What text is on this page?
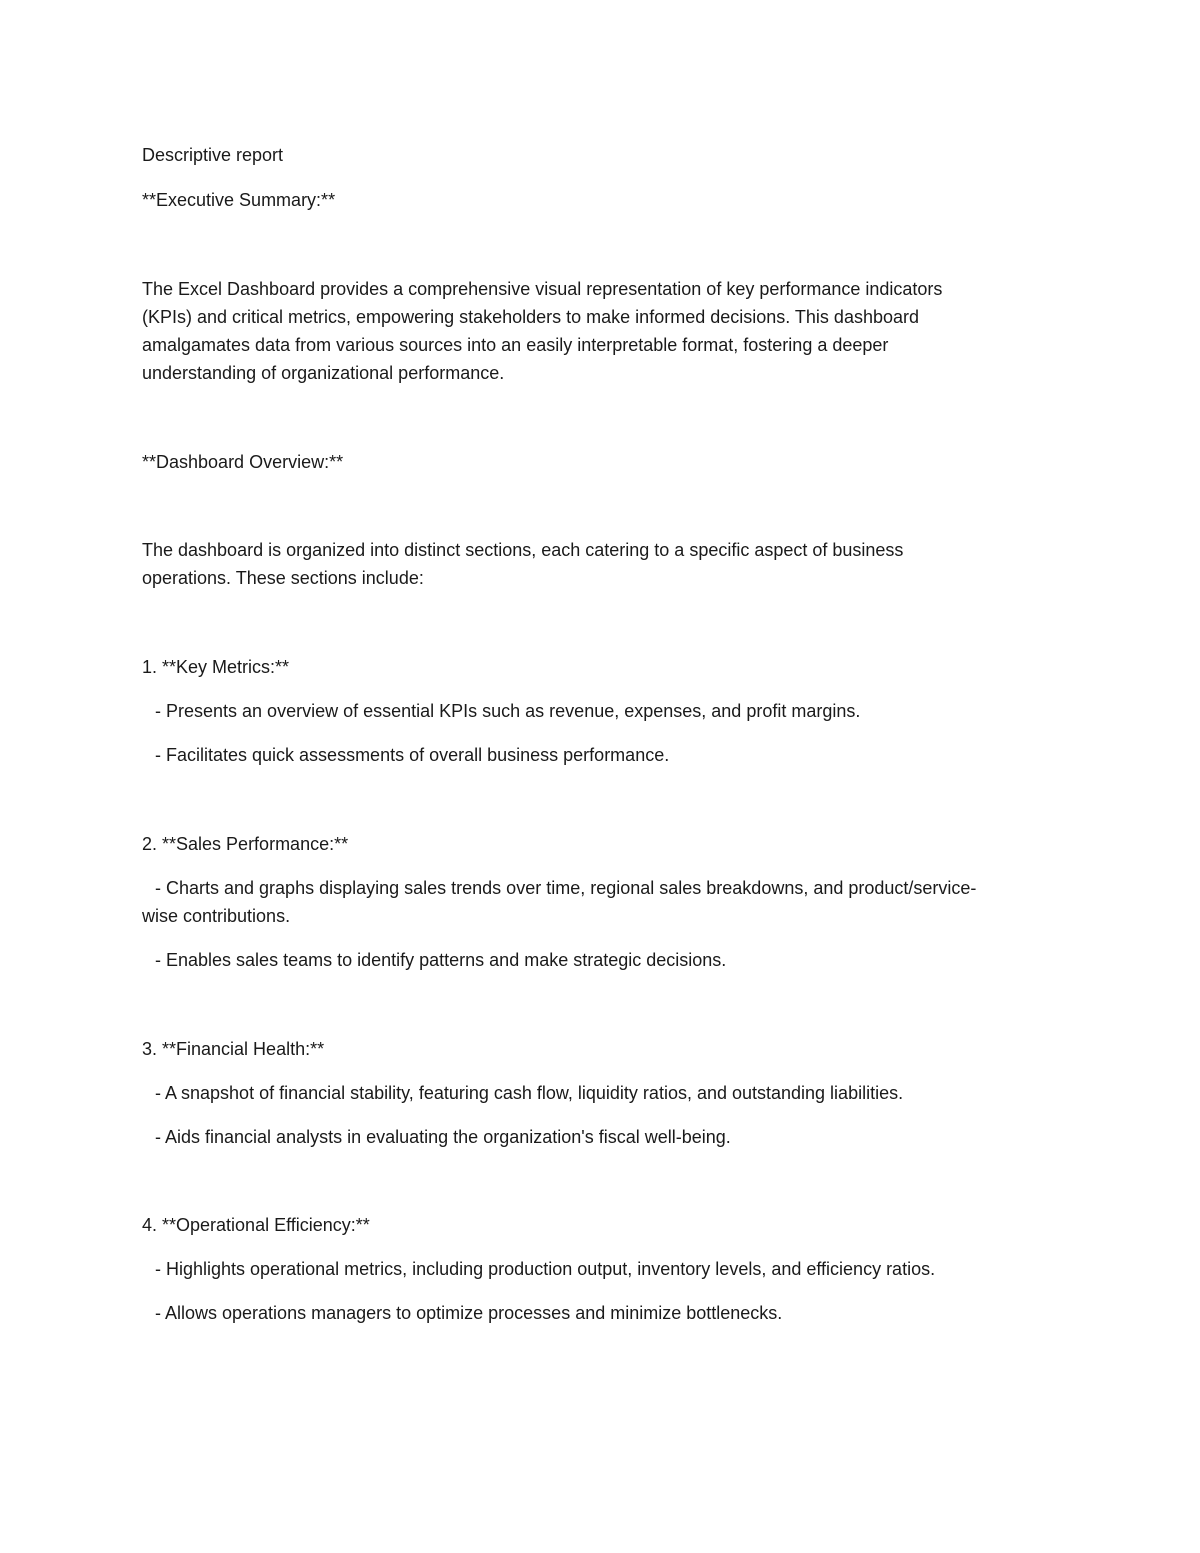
Descriptive report

**Executive Summary:**

The Excel Dashboard provides a comprehensive visual representation of key performance indicators

(KPIs) and critical metrics, empowering stakeholders to make informed decisions. This dashboard

amalgamates data from various sources into an easily interpretable format, fostering a deeper

understanding of organizational performance.

**Dashboard Overview:**

The dashboard is organized into distinct sections, each catering to a specific aspect of business

operations. These sections include:

1. **Key Metrics:**

- Presents an overview of essential KPIs such as revenue, expenses, and profit margins.

- Facilitates quick assessments of overall business performance.

2. **Sales Performance:**

- Charts and graphs displaying sales trends over time, regional sales breakdowns, and product/service-

wise contributions.

- Enables sales teams to identify patterns and make strategic decisions.

3. **Financial Health:**

- A snapshot of financial stability, featuring cash flow, liquidity ratios, and outstanding liabilities.

- Aids financial analysts in evaluating the organization's fiscal well-being.

4. **Operational Efficiency:**

- Highlights operational metrics, including production output, inventory levels, and efficiency ratios.

- Allows operations managers to optimize processes and minimize bottlenecks.
